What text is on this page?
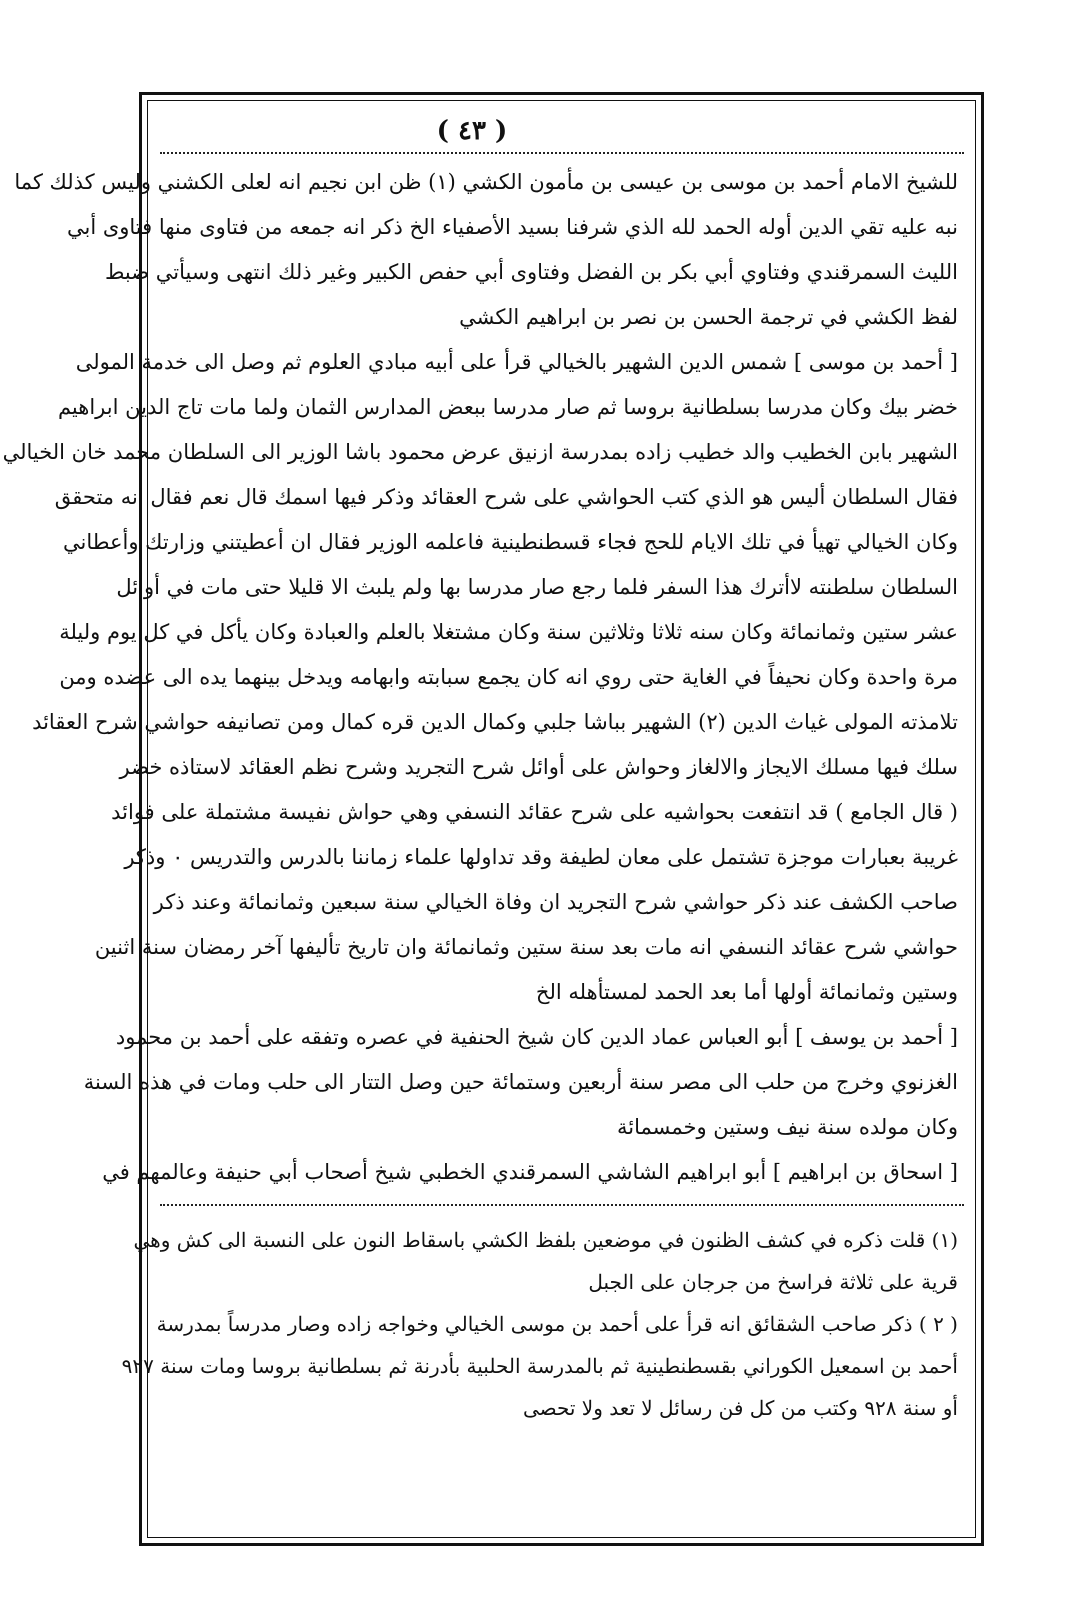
( ٤٣ )
للشيخ الامام أحمد بن موسى بن عيسى بن مأمون الكشي (١) ظن ابن نجيم انه لعلى الكشني وليس كذلك كما
نبه عليه تقي الدين أوله الحمد لله الذي شرفنا بسيد الأصفياء الخ ذكر انه جمعه من فتاوى منها فتاوى أبي
الليث السمرقندي وفتاوي أبي بكر بن الفضل وفتاوى أبي حفص الكبير وغير ذلك انتهى وسيأتي ضبط
لفظ الكشي في ترجمة الحسن بن نصر بن ابراهيم الكشي
[ أحمد بن موسى ] شمس الدين الشهير بالخيالي قرأ على أبيه مبادي العلوم ثم وصل الى خدمة المولى
خضر بيك وكان مدرسا بسلطانية بروسا ثم صار مدرسا ببعض المدارس الثمان ولما مات تاج الدين ابراهيم
الشهير بابن الخطيب والد خطيب زاده بمدرسة ازنيق عرض محمود باشا الوزير الى السلطان محمد خان الخيالي
فقال السلطان أليس هو الذي كتب الحواشي على شرح العقائد وذكر فيها اسمك قال نعم فقال انه متحقق
وكان الخيالي تهيأ في تلك الايام للحج فجاء قسطنطينية فاعلمه الوزير فقال ان أعطيتني وزارتك وأعطاني
السلطان سلطنته لاأترك هذا السفر فلما رجع صار مدرسا بها ولم يلبث الا قليلا حتى مات في أوائل
عشر ستين وثمانمائة وكان سنه ثلاثا وثلاثين سنة وكان مشتغلا بالعلم والعبادة وكان يأكل في كل يوم وليلة
مرة واحدة وكان نحيفاً في الغاية حتى روي انه كان يجمع سبابته وابهامه ويدخل بينهما يده الى عضده ومن
تلامذته المولى غياث الدين (٢) الشهير بباشا جلبي وكمال الدين قره كمال ومن تصانيفه حواشي شرح العقائد
سلك فيها مسلك الايجاز والالغاز وحواش على أوائل شرح التجريد وشرح نظم العقائد لاستاذه خضر
( قال الجامع ) قد انتفعت بحواشيه على شرح عقائد النسفي وهي حواش نفيسة مشتملة على فوائد
غريبة بعبارات موجزة تشتمل على معان لطيفة وقد تداولها علماء زماننا بالدرس والتدريس ٠ وذكر
صاحب الكشف عند ذكر حواشي شرح التجريد ان وفاة الخيالي سنة سبعين وثمانمائة وعند ذكر
حواشي شرح عقائد النسفي انه مات بعد سنة ستين وثمانمائة وان تاريخ تأليفها آخر رمضان سنة اثنين
وستين وثمانمائة أولها أما بعد الحمد لمستأهله الخ
[ أحمد بن يوسف ] أبو العباس عماد الدين كان شيخ الحنفية في عصره وتفقه على أحمد بن محمود
الغزنوي وخرج من حلب الى مصر سنة أربعين وستمائة حين وصل التتار الى حلب ومات في هذه السنة
وكان مولده سنة نيف وستين وخمسمائة
[ اسحاق بن ابراهيم ] أبو ابراهيم الشاشي السمرقندي الخطبي شيخ أصحاب أبي حنيفة وعالمهم في
(١) قلت ذكره في كشف الظنون في موضعين بلفظ الكشي باسقاط النون على النسبة الى كش وهي
قرية على ثلاثة فراسخ من جرجان على الجبل
( ٢ ) ذكر صاحب الشقائق انه قرأ على أحمد بن موسى الخيالي وخواجه زاده وصار مدرساً بمدرسة
أحمد بن اسمعيل الكوراني بقسطنطينية ثم بالمدرسة الحلبية بأدرنة ثم بسلطانية بروسا ومات سنة ٩٢٧
أو سنة ٩٢٨ وكتب من كل فن رسائل لا تعد ولا تحصى
